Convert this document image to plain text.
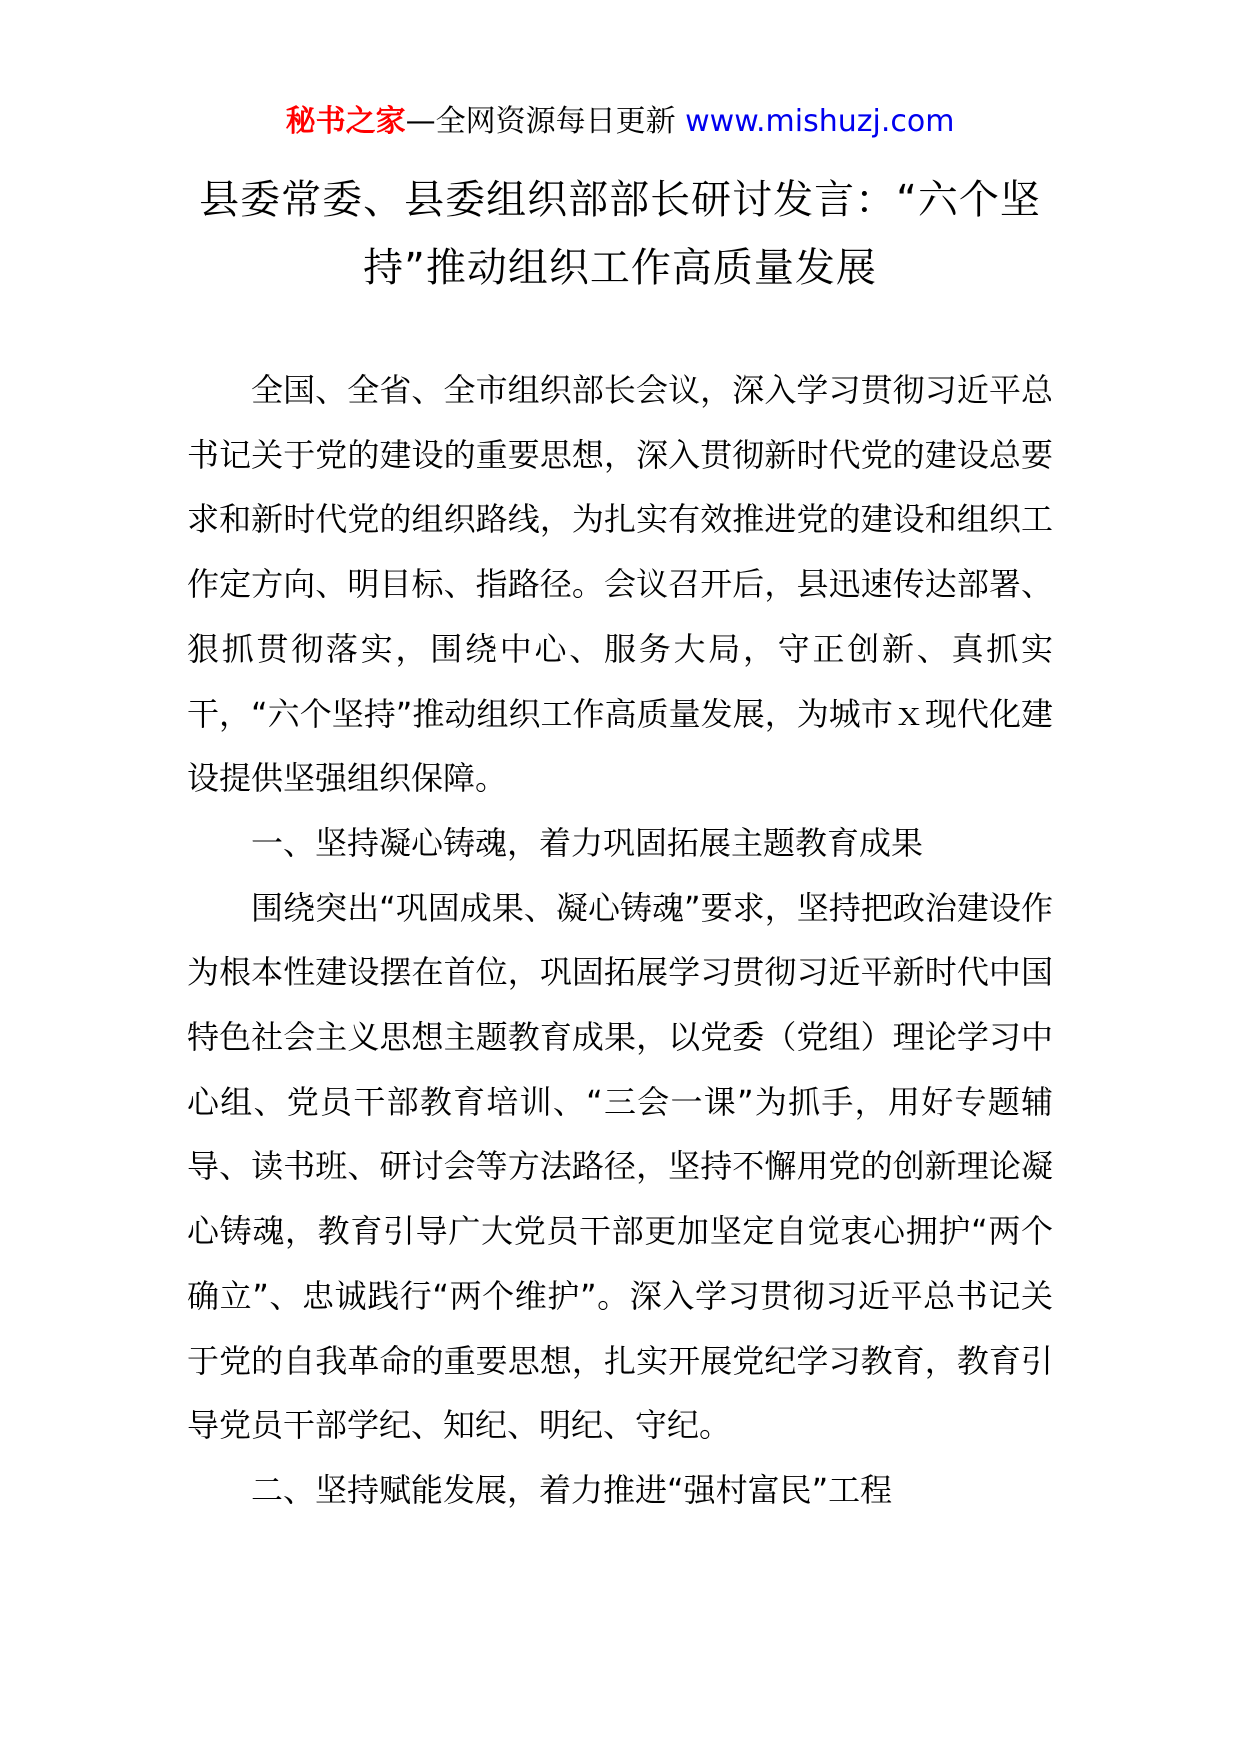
秘书之家—全网资源每日更新 www.mishuzj.com
县委常委、县委组织部部长研讨发言：“六个坚持”推动组织工作高质量发展

全国、全省、全市组织部长会议，深入学习贯彻习近平总书记关于党的建设的重要思想，深入贯彻新时代党的建设总要求和新时代党的组织路线，为扎实有效推进党的建设和组织工作定方向、明目标、指路径。会议召开后，县迅速传达部署、狠抓贯彻落实，围绕中心、服务大局，守正创新、真抓实干，“六个坚持”推动组织工作高质量发展，为城市ｘ现代化建设提供坚强组织保障。

一、坚持凝心铸魂，着力巩固拓展主题教育成果

围绕突出“巩固成果、凝心铸魂”要求，坚持把政治建设作为根本性建设摆在首位，巩固拓展学习贯彻习近平新时代中国特色社会主义思想主题教育成果，以党委（党组）理论学习中心组、党员干部教育培训、“三会一课”为抓手，用好专题辅导、读书班、研讨会等方法路径，坚持不懈用党的创新理论凝心铸魂，教育引导广大党员干部更加坚定自觉衷心拥护“两个确立”、忠诚践行“两个维护”。深入学习贯彻习近平总书记关于党的自我革命的重要思想，扎实开展党纪学习教育，教育引导党员干部学纪、知纪、明纪、守纪。

二、坚持赋能发展，着力推进“强村富民”工程
